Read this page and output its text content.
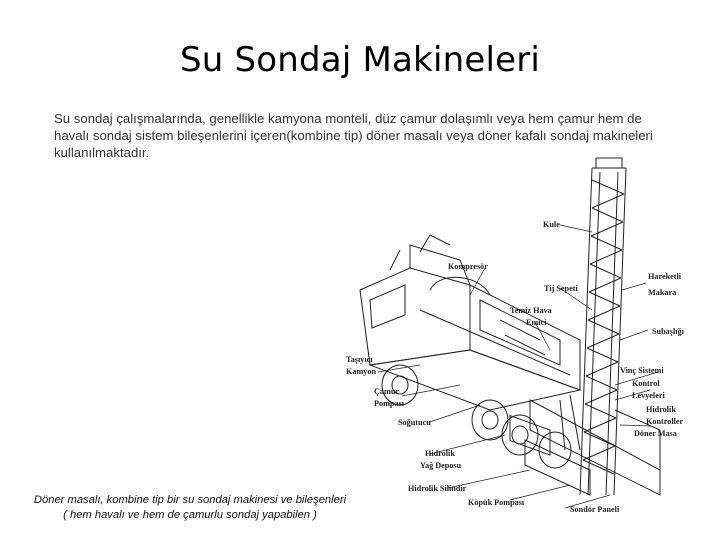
Su Sondaj Makineleri
Su sondaj çalışmalarında, genellikle kamyona monteli, düz çamur dolaşımlı veya hem çamur hem de havalı sondaj sistem bileşenlerini içeren(kombine tip) döner masalı veya döner kafalı sondaj makineleri kullanılmaktadır.
Kule
Kompresör
Tij Sepeti
Hareketli
Makara
Temiz Hava
Emici
Subaşlığı
Taşıyıcı
Kamyon	Vinç Sistemi
Kontrol
Levyeleri
Çamur
Pompası
Hidrolik
Kontroller
Döner Masa
Soğutucu
Hidrolik
Yağ Deposu
Hidrolik Silindir
Köpük Pompası
Sondör Paneli
Döner masalı, kombine tip bir su sondaj makinesi ve bileşenleri
( hem havalı ve hem de çamurlu sondaj yapabilen )
